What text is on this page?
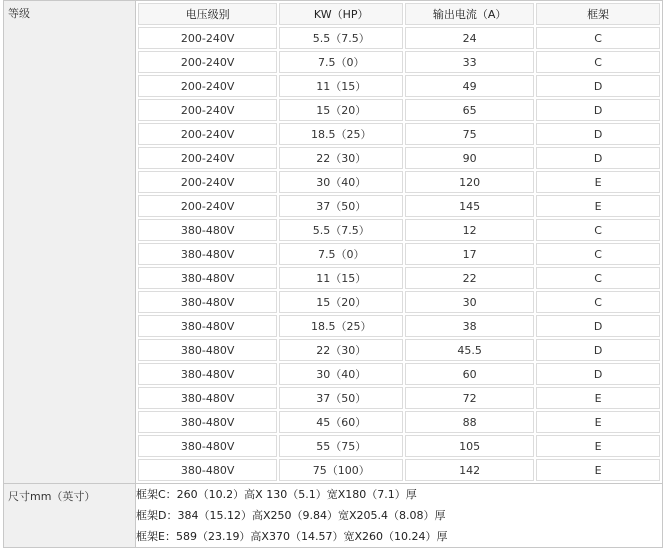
等级		电压级别	KW（HP）	输出电流（A）	框架
200-240V	5.5（7.5）	24	C
200-240V	7.5（0）	33	C
200-240V	11（15）	49	D
200-240V	15（20）	65	D
200-240V	18.5（25）	75	D
200-240V	22（30）	90	D
200-240V	30（40）	120	E
200-240V	37（50）	145	E
380-480V	5.5（7.5）	12	C
380-480V	7.5（0）	17	C
380-480V	11（15）	22	C
380-480V	15（20）	30	C
380-480V	18.5（25）	38	D
380-480V	22（30）	45.5	D
380-480V	30（40）	60	D
380-480V	37（50）	72	E
380-480V	45（60）	88	E
380-480V	55（75）	105	E
380-480V	75（100）	142	E

尺寸mm（英寸）	框架C：260（10.2）高X 130（5.1）宽X180（7.1）厚
框架D：384（15.12）高X250（9.84）宽X205.4（8.08）厚
框架E：589（23.19）高X370（14.57）宽X260（10.24）厚
